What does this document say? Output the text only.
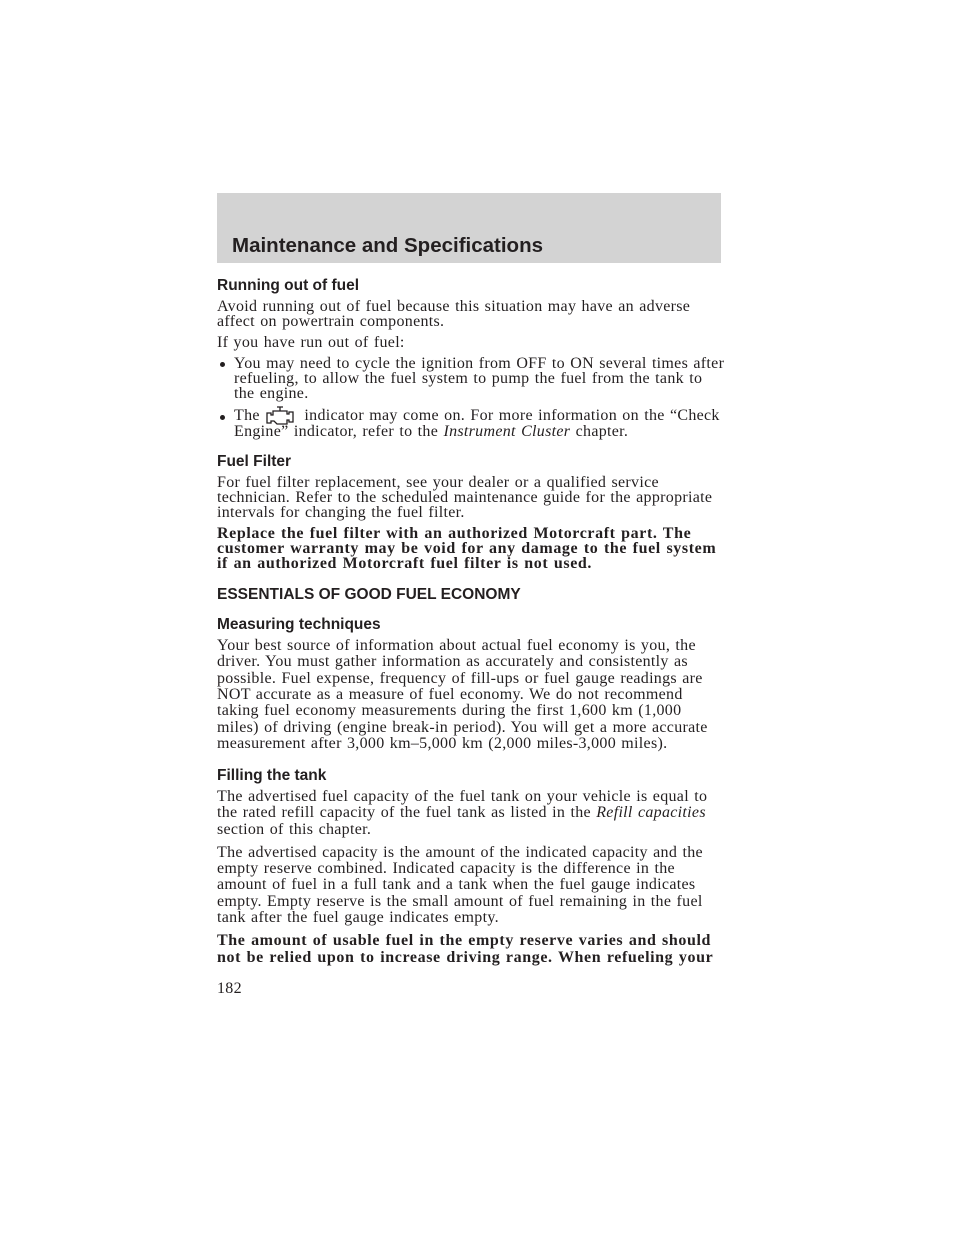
Maintenance and Specifications
Running out of fuel
Avoid running out of fuel because this situation may have an adverse
affect on powertrain components.
If you have run out of fuel:
You may need to cycle the ignition from OFF to ON several times after
refueling, to allow the fuel system to pump the fuel from the tank to
the engine.
The	indicator may come on. For more information on the “Check
Engine” indicator, refer to the Instrument Cluster chapter.
Fuel Filter
For fuel filter replacement, see your dealer or a qualified service
technician. Refer to the scheduled maintenance guide for the appropriate
intervals for changing the fuel filter.
Replace the fuel filter with an authorized Motorcraft part. The
customer warranty may be void for any damage to the fuel system
if an authorized Motorcraft fuel filter is not used.
ESSENTIALS OF GOOD FUEL ECONOMY
Measuring techniques
Your best source of information about actual fuel economy is you, the
driver. You must gather information as accurately and consistently as
possible. Fuel expense, frequency of fill-ups or fuel gauge readings are
NOT accurate as a measure of fuel economy. We do not recommend
taking fuel economy measurements during the first 1,600 km (1,000
miles) of driving (engine break-in period). You will get a more accurate
measurement after 3,000 km–5,000 km (2,000 miles-3,000 miles).
Filling the tank
The advertised fuel capacity of the fuel tank on your vehicle is equal to
the rated refill capacity of the fuel tank as listed in the Refill capacities
section of this chapter.
The advertised capacity is the amount of the indicated capacity and the
empty reserve combined. Indicated capacity is the difference in the
amount of fuel in a full tank and a tank when the fuel gauge indicates
empty. Empty reserve is the small amount of fuel remaining in the fuel
tank after the fuel gauge indicates empty.
The amount of usable fuel in the empty reserve varies and should
not be relied upon to increase driving range. When refueling your
182
